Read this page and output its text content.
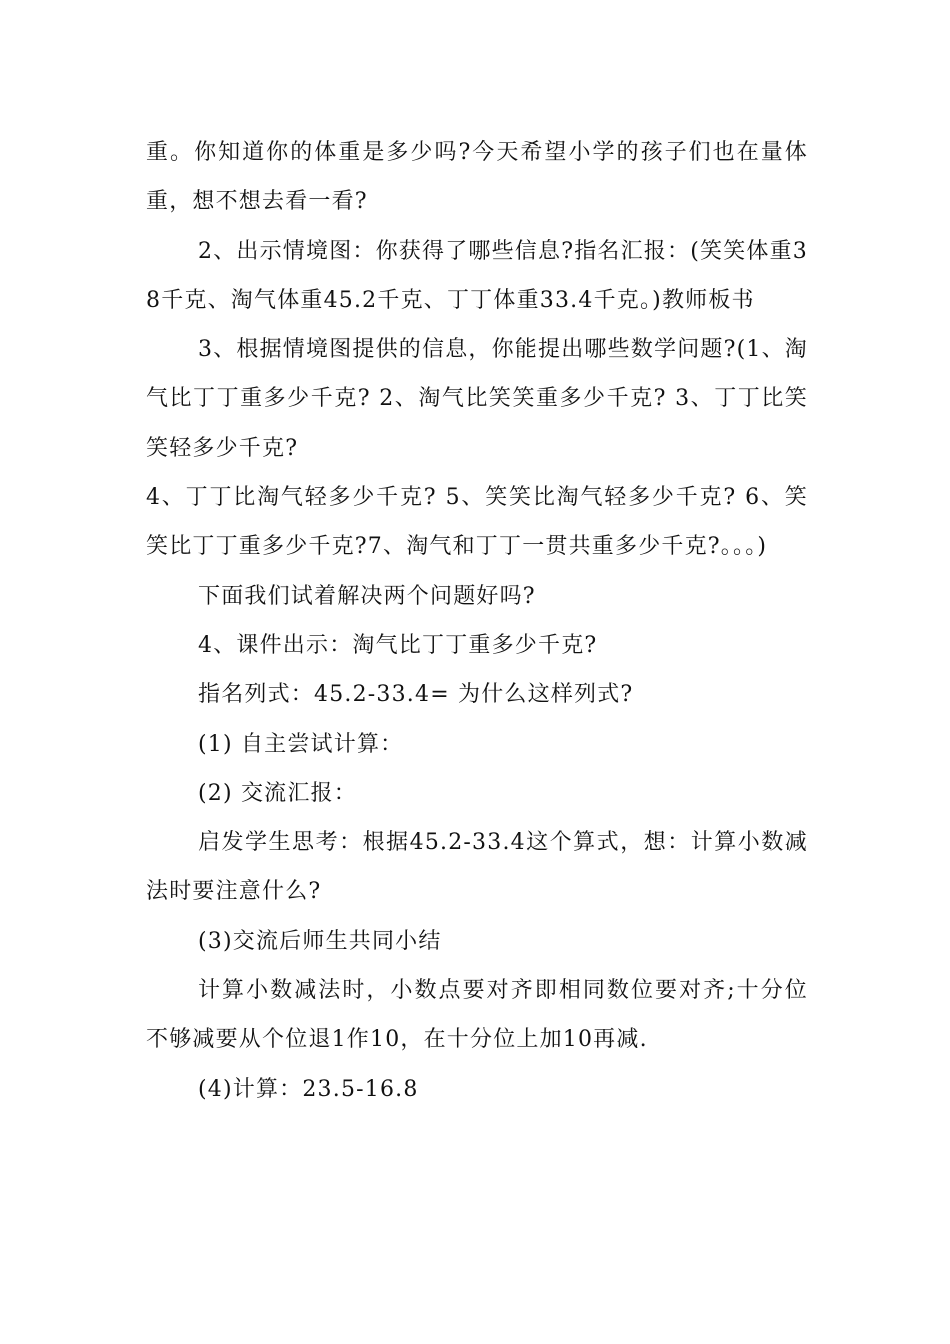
重。你知道你的体重是多少吗?今天希望小学的孩子们也在量体重，想不想去看一看?

2、出示情境图：你获得了哪些信息?指名汇报：(笑笑体重38千克、淘气体重45.2千克、丁丁体重33.4千克。)教师板书

3、根据情境图提供的信息，你能提出哪些数学问题?(1、淘气比丁丁重多少千克? 2、淘气比笑笑重多少千克? 3、丁丁比笑笑轻多少千克?

4、丁丁比淘气轻多少千克? 5、笑笑比淘气轻多少千克? 6、笑笑比丁丁重多少千克?7、淘气和丁丁一贯共重多少千克?。。。)

下面我们试着解决两个问题好吗?

4、课件出示：淘气比丁丁重多少千克?

指名列式：45.2-33.4= 为什么这样列式?

(1) 自主尝试计算：

(2) 交流汇报：

启发学生思考：根据45.2-33.4这个算式，想：计算小数减法时要注意什么?

(3)交流后师生共同小结

计算小数减法时，小数点要对齐即相同数位要对齐;十分位不够减要从个位退1作10，在十分位上加10再减.

(4)计算：23.5-16.8
